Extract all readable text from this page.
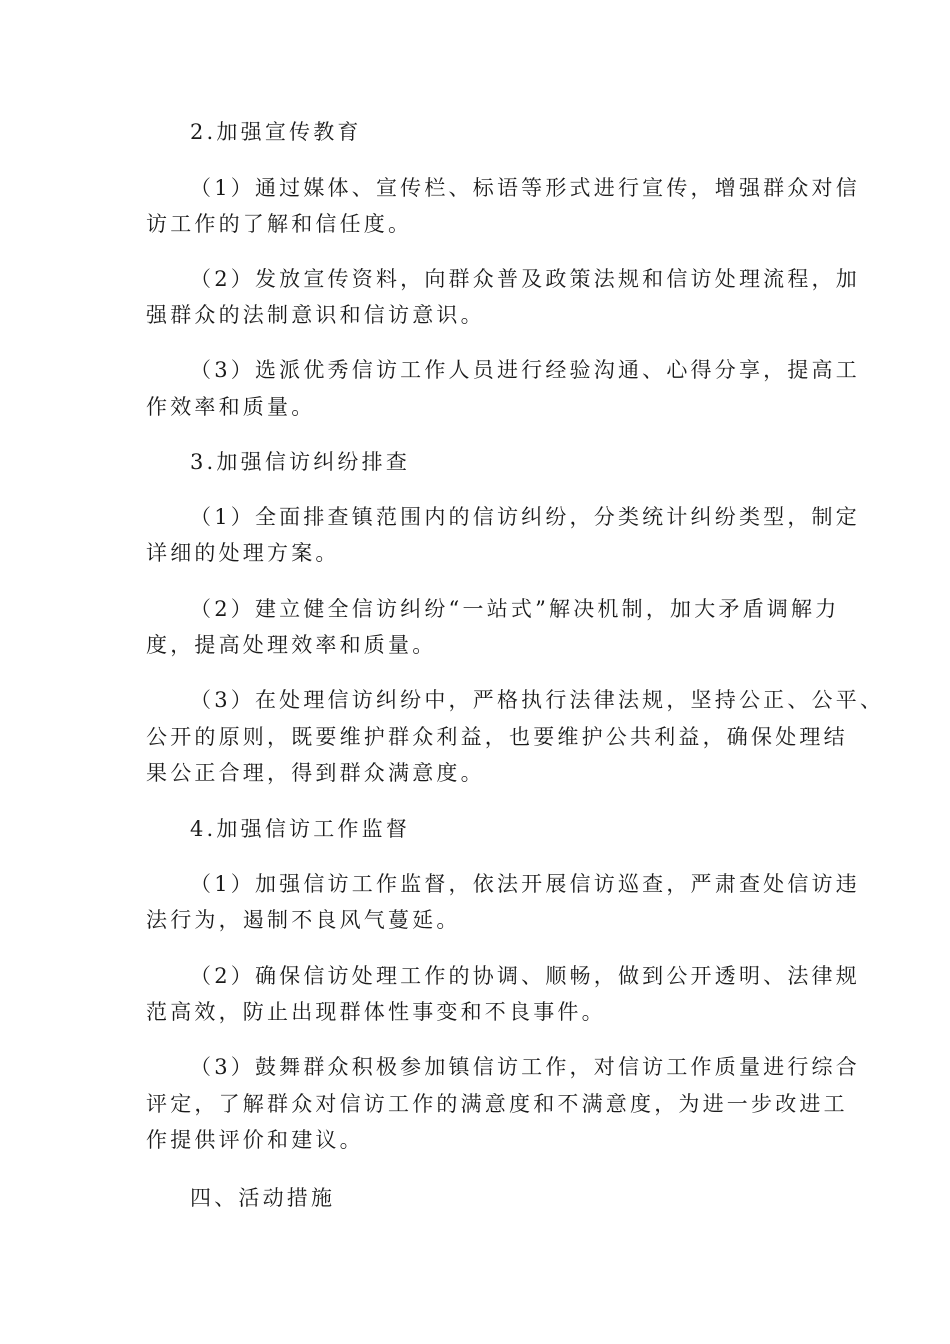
2.加强宣传教育
（1）通过媒体、宣传栏、标语等形式进行宣传，增强群众对信
访工作的了解和信任度。
（2）发放宣传资料，向群众普及政策法规和信访处理流程，加
强群众的法制意识和信访意识。
（3）选派优秀信访工作人员进行经验沟通、心得分享，提高工
作效率和质量。
3.加强信访纠纷排查
（1）全面排查镇范围内的信访纠纷，分类统计纠纷类型，制定
详细的处理方案。
（2）建立健全信访纠纷“一站式”解决机制，加大矛盾调解力
度，提高处理效率和质量。
（3）在处理信访纠纷中，严格执行法律法规，坚持公正、公平、
公开的原则，既要维护群众利益，也要维护公共利益，确保处理结
果公正合理，得到群众满意度。
4.加强信访工作监督
（1）加强信访工作监督，依法开展信访巡查，严肃查处信访违
法行为，遏制不良风气蔓延。
（2）确保信访处理工作的协调、顺畅，做到公开透明、法律规
范高效，防止出现群体性事变和不良事件。
（3）鼓舞群众积极参加镇信访工作，对信访工作质量进行综合
评定，了解群众对信访工作的满意度和不满意度，为进一步改进工
作提供评价和建议。
四、活动措施
